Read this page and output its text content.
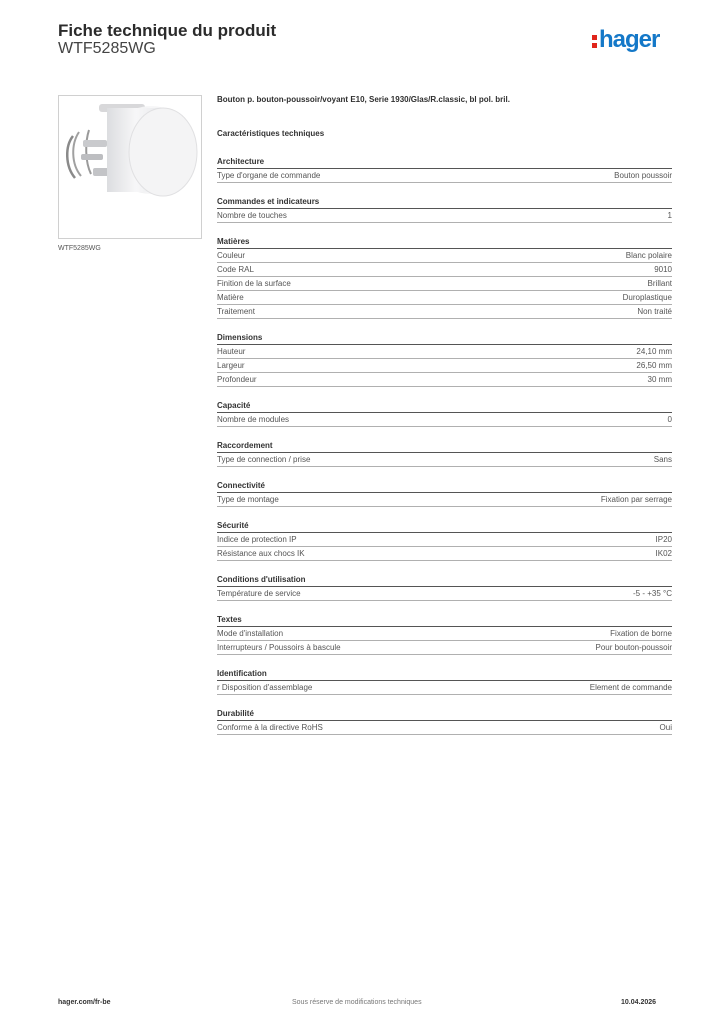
Fiche technique du produit
WTF5285WG	hager
WTF5285WG
Bouton p. bouton-poussoir/voyant E10, Serie 1930/Glas/R.classic, bl pol. bril.
Caractéristiques techniques
Architecture
Type d'organe de commande	Bouton poussoir
Commandes et indicateurs
Nombre de touches	1
Matières
Couleur	Blanc polaire
Code RAL	9010
Finition de la surface	Brillant
Matière	Duroplastique
Traitement	Non traité
Dimensions
Hauteur	24,10 mm
Largeur	26,50 mm
Profondeur	30 mm
Capacité
Nombre de modules	0
Raccordement
Type de connection / prise	Sans
Connectivité
Type de montage	Fixation par serrage
Sécurité
Indice de protection IP	IP20
Résistance aux chocs IK	IK02
Conditions d'utilisation
Température de service	-5 - +35 °C
Textes
Mode d'installation	Fixation de borne
Interrupteurs / Poussoirs à bascule	Pour bouton-poussoir
Identification
r Disposition d'assemblage	Element de commande
Durabilité
Conforme à la directive RoHS	Oui
hager.com/fr-be	Sous réserve de modifications techniques	10.04.2026
